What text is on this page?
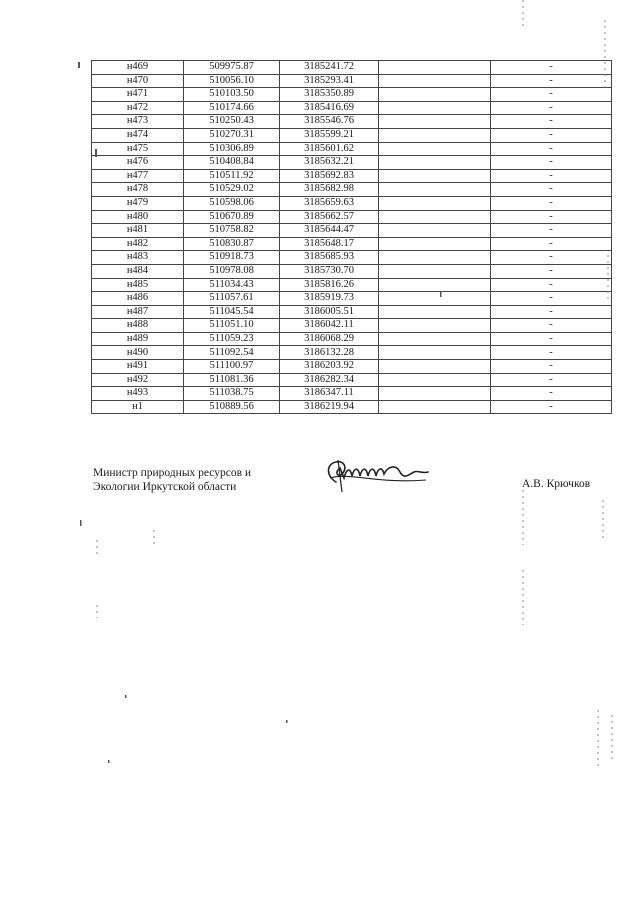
н469	509975.87	3185241.72		-
н470	510056.10	3185293.41		-
н471	510103.50	3185350.89		-
н472	510174.66	3185416.69		-
н473	510250.43	3185546.76		-
н474	510270.31	3185599.21		-
н475	510306.89	3185601.62		-
н476	510408.84	3185632.21		-
н477	510511.92	3185692.83		-
н478	510529.02	3185682.98		-
н479	510598.06	3185659.63		-
н480	510670.89	3185662.57		-
н481	510758.82	3185644.47		-
н482	510830.87	3185648.17		-
н483	510918.73	3185685.93		-
н484	510978.08	3185730.70		-
н485	511034.43	3185816.26		-
н486	511057.61	3185919.73		-
н487	511045.54	3186005.51		-
н488	511051.10	3186042.11		-
н489	511059.23	3186068.29		-
н490	511092.54	3186132.28		-
н491	511100.97	3186203.92		-
н492	511081.36	3186282.34		-
н493	511038.75	3186347.11		-
н1	510889.56	3186219.94		-
Министр природных ресурсов и
Экологии Иркутской области	А.В. Крючков
